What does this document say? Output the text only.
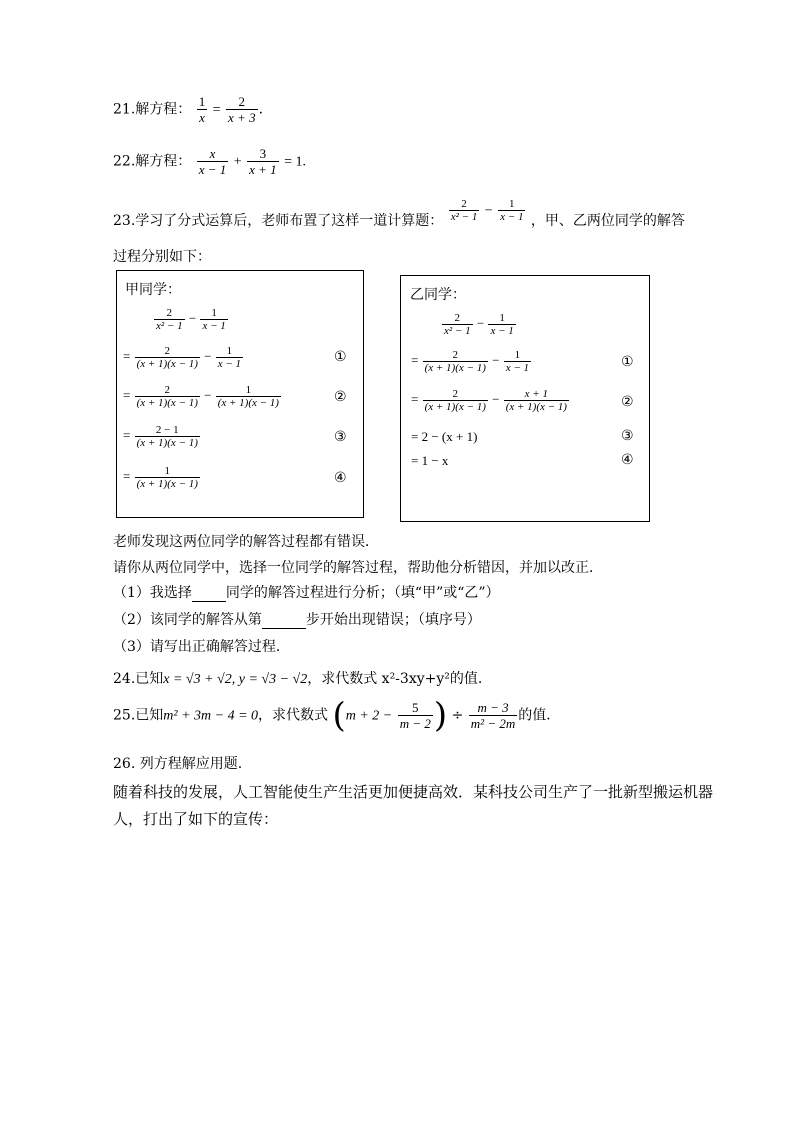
21.解方程： $\frac{1}{x} = \frac{2}{x + 3}$ .
22.解方程： $\frac{x}{x - 1} + \frac{3}{x + 1} = 1$.
23.学习了分式运算后，老师布置了这样一道计算题： $\frac{2}{\text{x² − 1}} - \frac{1}{x - 1}$ ，甲、乙两位同学的解答
过程分别如下：
甲同学：
$\frac{2}{\text{x² − 1}} - \frac{1}{x - 1}$
= $\frac{2}{(x + 1)(x - 1)} - \frac{1}{x - 1}$
= $\frac{2}{(x + 1)(x - 1)} - \frac{1}{(x + 1)(x - 1)}$
= $\frac{2 - 1}{(x + 1)(x - 1)}$
= $\frac{1}{(x + 1)(x - 1)}$
①
②
③
④
乙同学：
$\frac{2}{\text{x² − 1}} - \frac{1}{x - 1}$
= $\frac{2}{(x + 1)(x - 1)} - \frac{1}{x - 1}$
= $\frac{2}{(x + 1)(x - 1)} - \frac{x + 1}{(x + 1)(x - 1)}$
= 2 − (x + 1)
= 1 − x
①
②
③
④
老师发现这两位同学的解答过程都有错误．
请你从两位同学中，选择一位同学的解答过程，帮助他分析错因，并加以改正．
（1）我选择 同学的解答过程进行分析；（填“甲”或“乙”）
（2）该同学的解答从第	步开始出现错误；（填序号）
（3）请写出正确解答过程．
24.已知x = √3 + √2, y = √3 − √2，求代数式 x²-3xy+y²的值.
25.已知m² + 3m − 4 = 0，求代数式 ($m + 2 - \frac{5}{m - 2}$ ) ÷ $\frac{m - 3}{\text{m² − 2m}}$ 的值．
26. 列方程解应用题.
随着科技的发展，人工智能使生产生活更加便捷高效．某科技公司生产了一批新型搬运机器
人，打出了如下的宣传：
